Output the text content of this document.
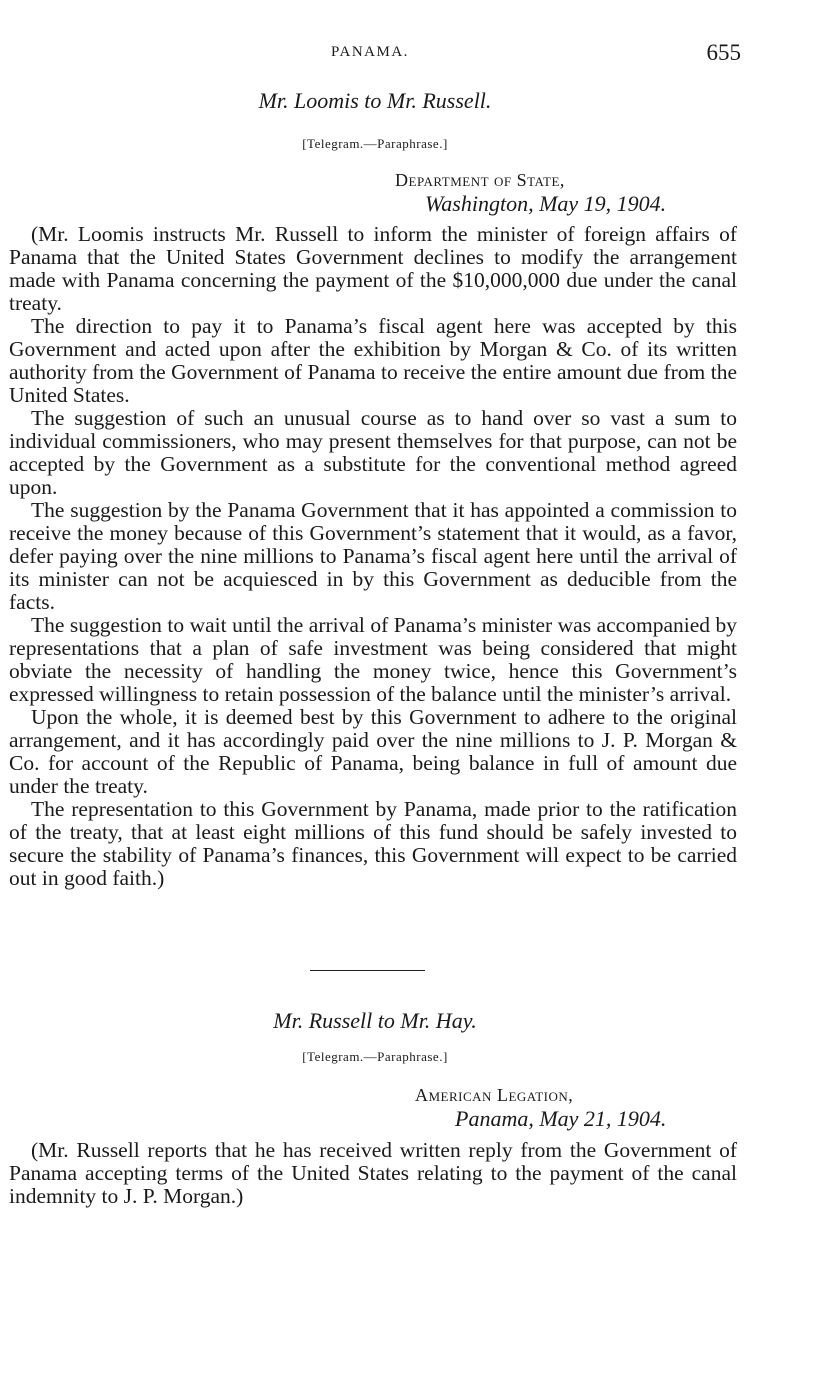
PANAMA.	655
Mr. Loomis to Mr. Russell.
[Telegram.—Paraphrase.]
Department of State,
Washington, May 19, 1904.

(Mr. Loomis instructs Mr. Russell to inform the minister of foreign affairs of Panama that the United States Government declines to modify the arrangement made with Panama concerning the payment of the $10,000,000 due under the canal treaty.

The direction to pay it to Panama’s fiscal agent here was accepted by this Government and acted upon after the exhibition by Morgan & Co. of its written authority from the Government of Panama to receive the entire amount due from the United States.

The suggestion of such an unusual course as to hand over so vast a sum to individual commissioners, who may present themselves for that purpose, can not be accepted by the Government as a substitute for the conventional method agreed upon.

The suggestion by the Panama Government that it has appointed a commission to receive the money because of this Government’s statement that it would, as a favor, defer paying over the nine millions to Panama’s fiscal agent here until the arrival of its minister can not be acquiesced in by this Government as deducible from the facts.

The suggestion to wait until the arrival of Panama’s minister was accompanied by representations that a plan of safe investment was being considered that might obviate the necessity of handling the money twice, hence this Government’s expressed willingness to retain possession of the balance until the minister’s arrival.

Upon the whole, it is deemed best by this Government to adhere to the original arrangement, and it has accordingly paid over the nine millions to J. P. Morgan & Co. for account of the Republic of Panama, being balance in full of amount due under the treaty.

The representation to this Government by Panama, made prior to the ratification of the treaty, that at least eight millions of this fund should be safely invested to secure the stability of Panama’s finances, this Government will expect to be carried out in good faith.)

Mr. Russell to Mr. Hay.
[Telegram.—Paraphrase.]
American Legation,
Panama, May 21, 1904.

(Mr. Russell reports that he has received written reply from the Government of Panama accepting terms of the United States relating to the payment of the canal indemnity to J. P. Morgan.)
